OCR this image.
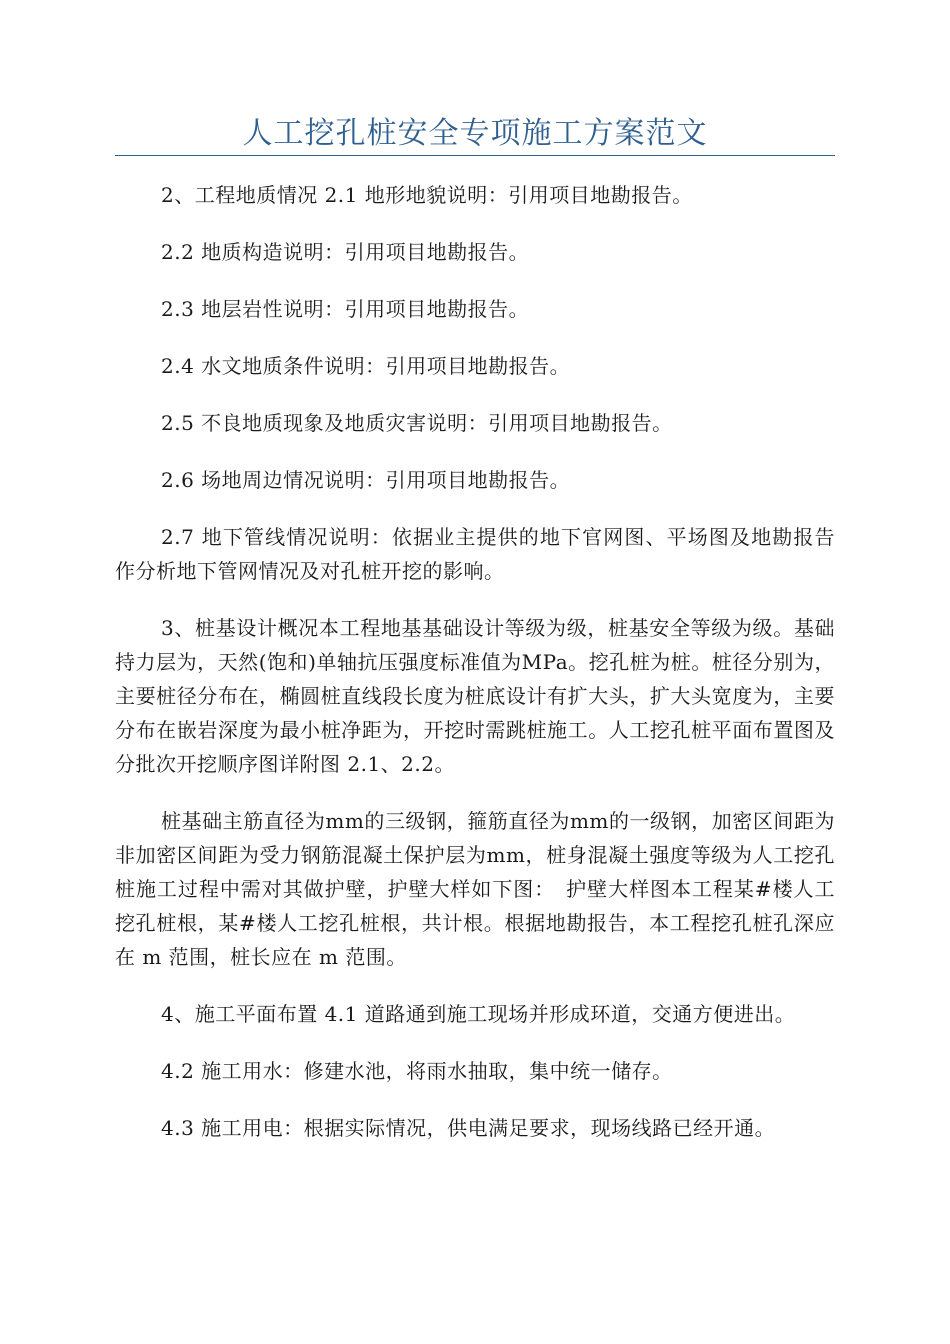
人工挖孔桩安全专项施工方案范文

2、工程地质情况 2.1 地形地貌说明：引用项目地勘报告。

2.2 地质构造说明：引用项目地勘报告。

2.3 地层岩性说明：引用项目地勘报告。

2.4 水文地质条件说明：引用项目地勘报告。

2.5 不良地质现象及地质灾害说明：引用项目地勘报告。

2.6 场地周边情况说明：引用项目地勘报告。

2.7 地下管线情况说明：依据业主提供的地下官网图、平场图及地勘报告作分析地下管网情况及对孔桩开挖的影响。

3、桩基设计概况本工程地基基础设计等级为级，桩基安全等级为级。基础持力层为，天然(饱和)单轴抗压强度标准值为MPa。挖孔桩为桩。桩径分别为，主要桩径分布在，椭圆桩直线段长度为桩底设计有扩大头，扩大头宽度为，主要分布在嵌岩深度为最小桩净距为，开挖时需跳桩施工。人工挖孔桩平面布置图及分批次开挖顺序图详附图 2.1、2.2。

桩基础主筋直径为mm的三级钢，箍筋直径为mm的一级钢，加密区间距为非加密区间距为受力钢筋混凝土保护层为mm，桩身混凝土强度等级为人工挖孔桩施工过程中需对其做护壁，护壁大样如下图：　护壁大样图本工程某#楼人工挖孔桩根，某#楼人工挖孔桩根，共计根。根据地勘报告，本工程挖孔桩孔深应在 m 范围，桩长应在 m 范围。

4、施工平面布置 4.1 道路通到施工现场并形成环道，交通方便进出。

4.2 施工用水：修建水池，将雨水抽取，集中统一储存。

4.3 施工用电：根据实际情况，供电满足要求，现场线路已经开通。
